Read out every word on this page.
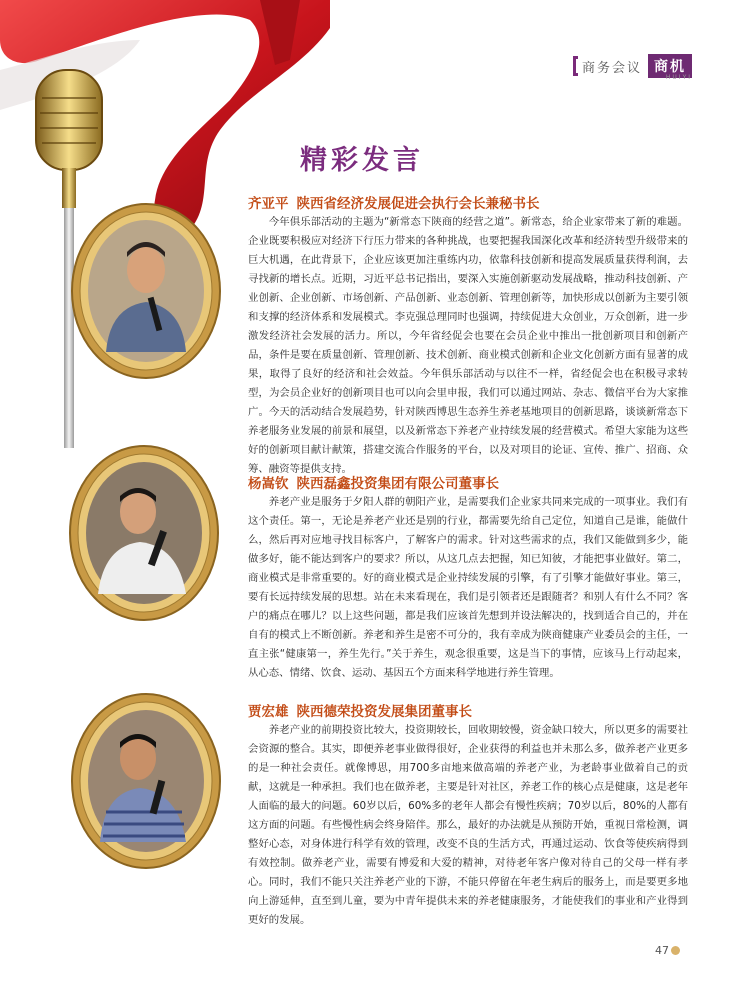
商务会议 商机
HUIYI
精彩发言
齐亚平 陕西省经济发展促进会执行会长兼秘书长
今年俱乐部活动的主题为“新常态下陕商的经营之道”。新常态，给企业家带来了新的难题。企业既要积极应对经济下行压力带来的各种挑战，也要把握我国深化改革和经济转型升级带来的巨大机遇，在此背景下，企业应该更加注重练内功，依靠科技创新和提高发展质量获得利润，去寻找新的增长点。近期，习近平总书记指出，要深入实施创新驱动发展战略，推动科技创新、产业创新、企业创新、市场创新、产品创新、业态创新、管理创新等，加快形成以创新为主要引领和支撑的经济体系和发展模式。李克强总理同时也强调，持续促进大众创业，万众创新，进一步激发经济社会发展的活力。所以，今年省经促会也要在会员企业中推出一批创新项目和创新产品，条件是要在质量创新、管理创新、技术创新、商业模式创新和企业文化创新方面有显著的成果，取得了良好的经济和社会效益。今年俱乐部活动与以往不一样，省经促会也在积极寻求转型，为会员企业好的创新项目也可以向会里申报，我们可以通过网站、杂志、微信平台为大家推广。今天的活动结合发展趋势，针对陕西博思生态养生养老基地项目的创新思路，谈谈新常态下养老服务业发展的前景和展望，以及新常态下养老产业持续发展的经营模式。希望大家能为这些好的创新项目献计献策，搭建交流合作服务的平台，以及对项目的论证、宣传、推广、招商、众筹、融资等提供支持。
杨嵩钦 陕西磊鑫投资集团有限公司董事长
养老产业是服务于夕阳人群的朝阳产业，是需要我们企业家共同来完成的一项事业。我们有这个责任。第一，无论是养老产业还是别的行业，都需要先给自己定位，知道自己是谁，能做什么，然后再对应地寻找目标客户，了解客户的需求。针对这些需求的点，我们又能做到多少，能做多好，能不能达到客户的要求？所以，从这几点去把握，知已知彼，才能把事业做好。第二，商业模式是非常重要的。好的商业模式是企业持续发展的引擎，有了引擎才能做好事业。第三，要有长远持续发展的思想。站在未来看现在，我们是引领者还是跟随者？和别人有什么不同？客户的痛点在哪儿？以上这些问题，都是我们应该首先想到并设法解决的，找到适合自己的，并在自有的模式上不断创新。养老和养生是密不可分的，我有幸成为陕商健康产业委员会的主任，一直主张“健康第一，养生先行。”关于养生，观念很重要，这是当下的事情，应该马上行动起来，从心态、情绪、饮食、运动、基因五个方面来科学地进行养生管理。
贾宏雄 陕西德荣投资发展集团董事长
养老产业的前期投资比较大，投资期较长，回收期较慢，资金缺口较大，所以更多的需要社会资源的整合。其实，即便养老事业做得很好，企业获得的利益也并未那么多，做养老产业更多的是一种社会责任。就像博思，用700多亩地来做高端的养老产业，为老龄事业做着自己的贡献，这就是一种承担。我们也在做养老，主要是针对社区，养老工作的核心点是健康，这是老年人面临的最大的问题。60岁以后，60%多的老年人都会有慢性疾病；70岁以后，80%的人都有这方面的问题。有些慢性病会终身陪伴。那么，最好的办法就是从预防开始，重视日常检测，调整好心态，对身体进行科学有效的管理，改变不良的生活方式，再通过运动、饮食等使疾病得到有效控制。做养老产业，需要有博爱和大爱的精神，对待老年客户像对待自己的父母一样有孝心。同时，我们不能只关注养老产业的下游，不能只停留在年老生病后的服务上，而是要更多地向上游延伸，直至到儿童，要为中青年提供未来的养老健康服务，才能使我们的事业和产业得到更好的发展。
47
